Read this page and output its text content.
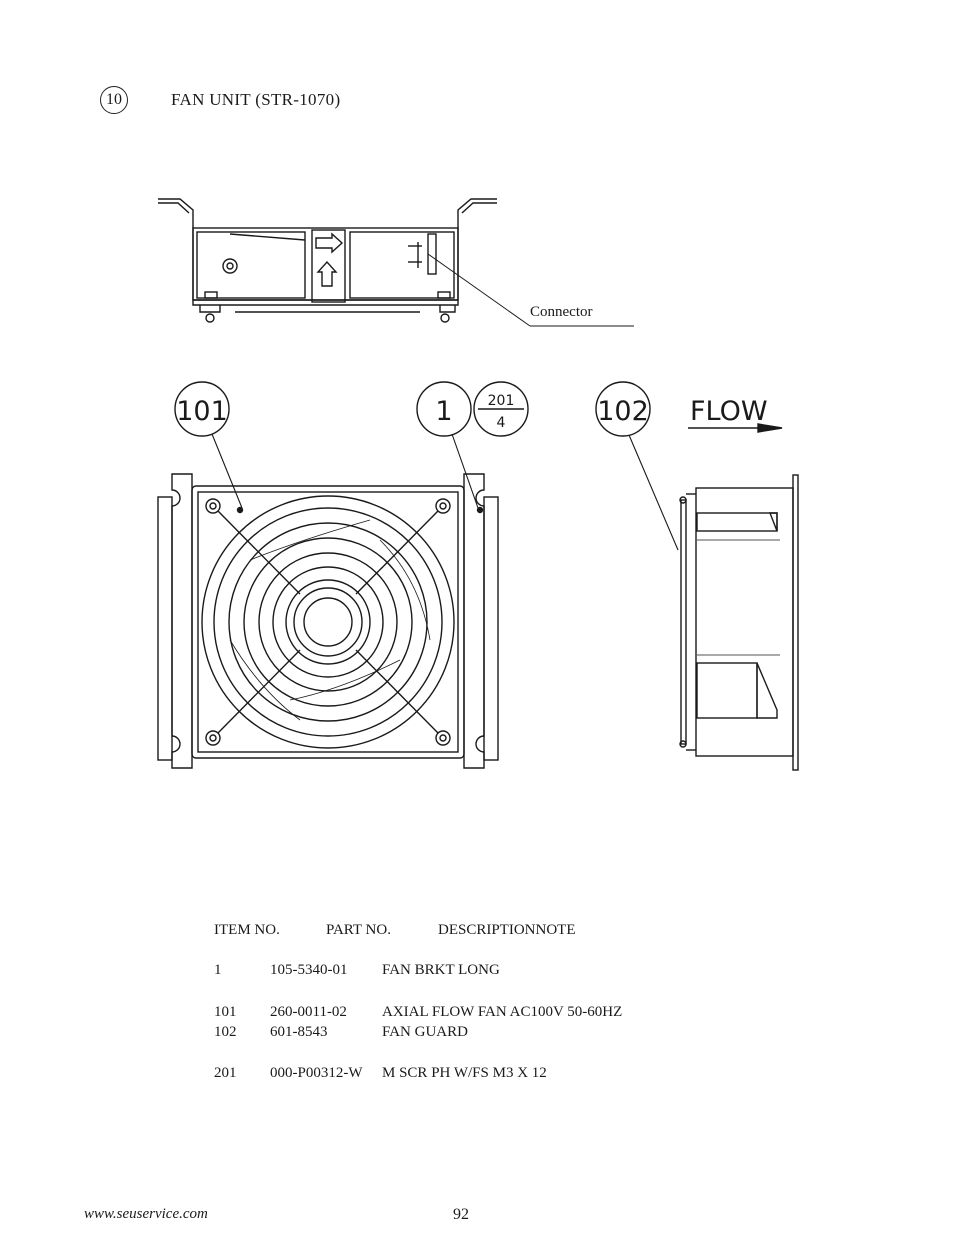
10	FAN UNIT (STR-1070)
Connector
101	1	201
4	102 FLOW
ITEM NO.	PART NO.	DESCRIPTIONNOTE
1	105-5340-01 FAN BRKT LONG
101 260-0011-02 AXIAL FLOW FAN AC100V 50-60HZ
102 601-8543	FAN GUARD
201 000-P00312-W M SCR PH W/FS M3 X 12
www.seuservice.com	92
